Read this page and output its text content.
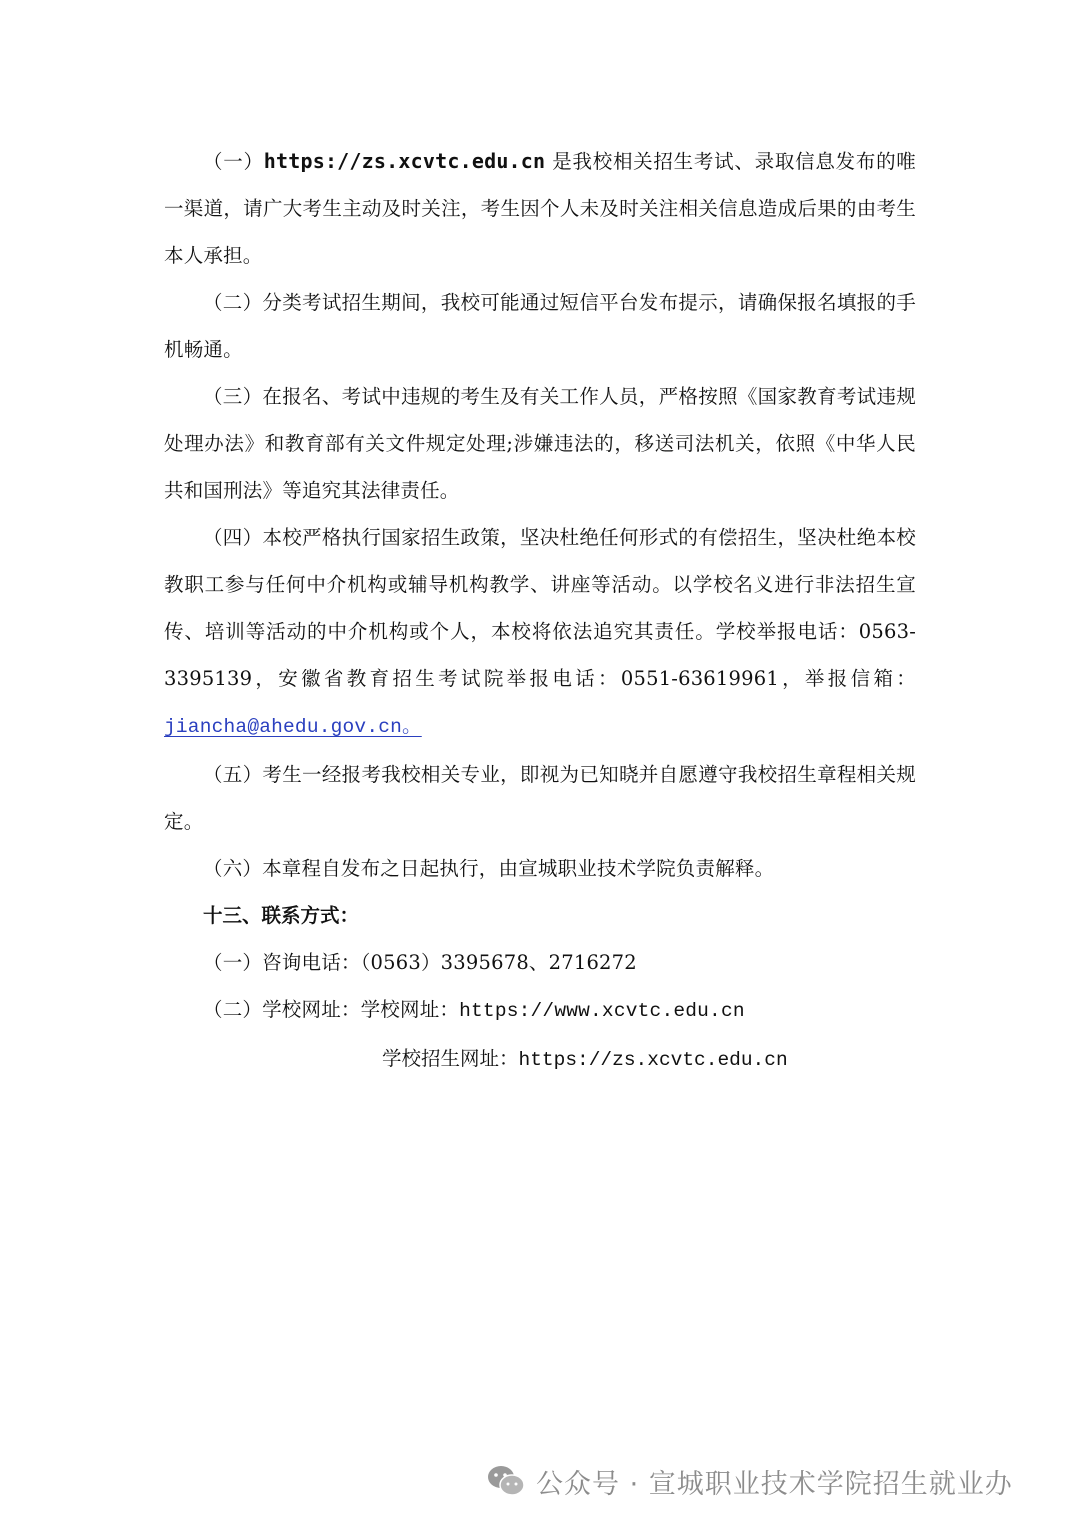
（一）https://zs.xcvtc.edu.cn 是我校相关招生考试、录取信息发布的唯一渠道，请广大考生主动及时关注，考生因个人未及时关注相关信息造成后果的由考生本人承担。

（二）分类考试招生期间，我校可能通过短信平台发布提示，请确保报名填报的手机畅通。

（三）在报名、考试中违规的考生及有关工作人员，严格按照《国家教育考试违规处理办法》和教育部有关文件规定处理;涉嫌违法的，移送司法机关，依照《中华人民共和国刑法》等追究其法律责任。

（四）本校严格执行国家招生政策，坚决杜绝任何形式的有偿招生，坚决杜绝本校教职工参与任何中介机构或辅导机构教学、讲座等活动。以学校名义进行非法招生宣传、培训等活动的中介机构或个人，本校将依法追究其责任。学校举报电话：0563-3395139，安徽省教育招生考试院举报电话：0551-63619961，举报信箱：jiancha@ahedu.gov.cn。

（五）考生一经报考我校相关专业，即视为已知晓并自愿遵守我校招生章程相关规定。

（六）本章程自发布之日起执行，由宣城职业技术学院负责解释。

十三、联系方式：

（一）咨询电话：（0563）3395678、2716272

（二）学校网址：学校网址：https://www.xcvtc.edu.cn

学校招生网址：https://zs.xcvtc.edu.cn

公众号 · 宣城职业技术学院招生就业办
